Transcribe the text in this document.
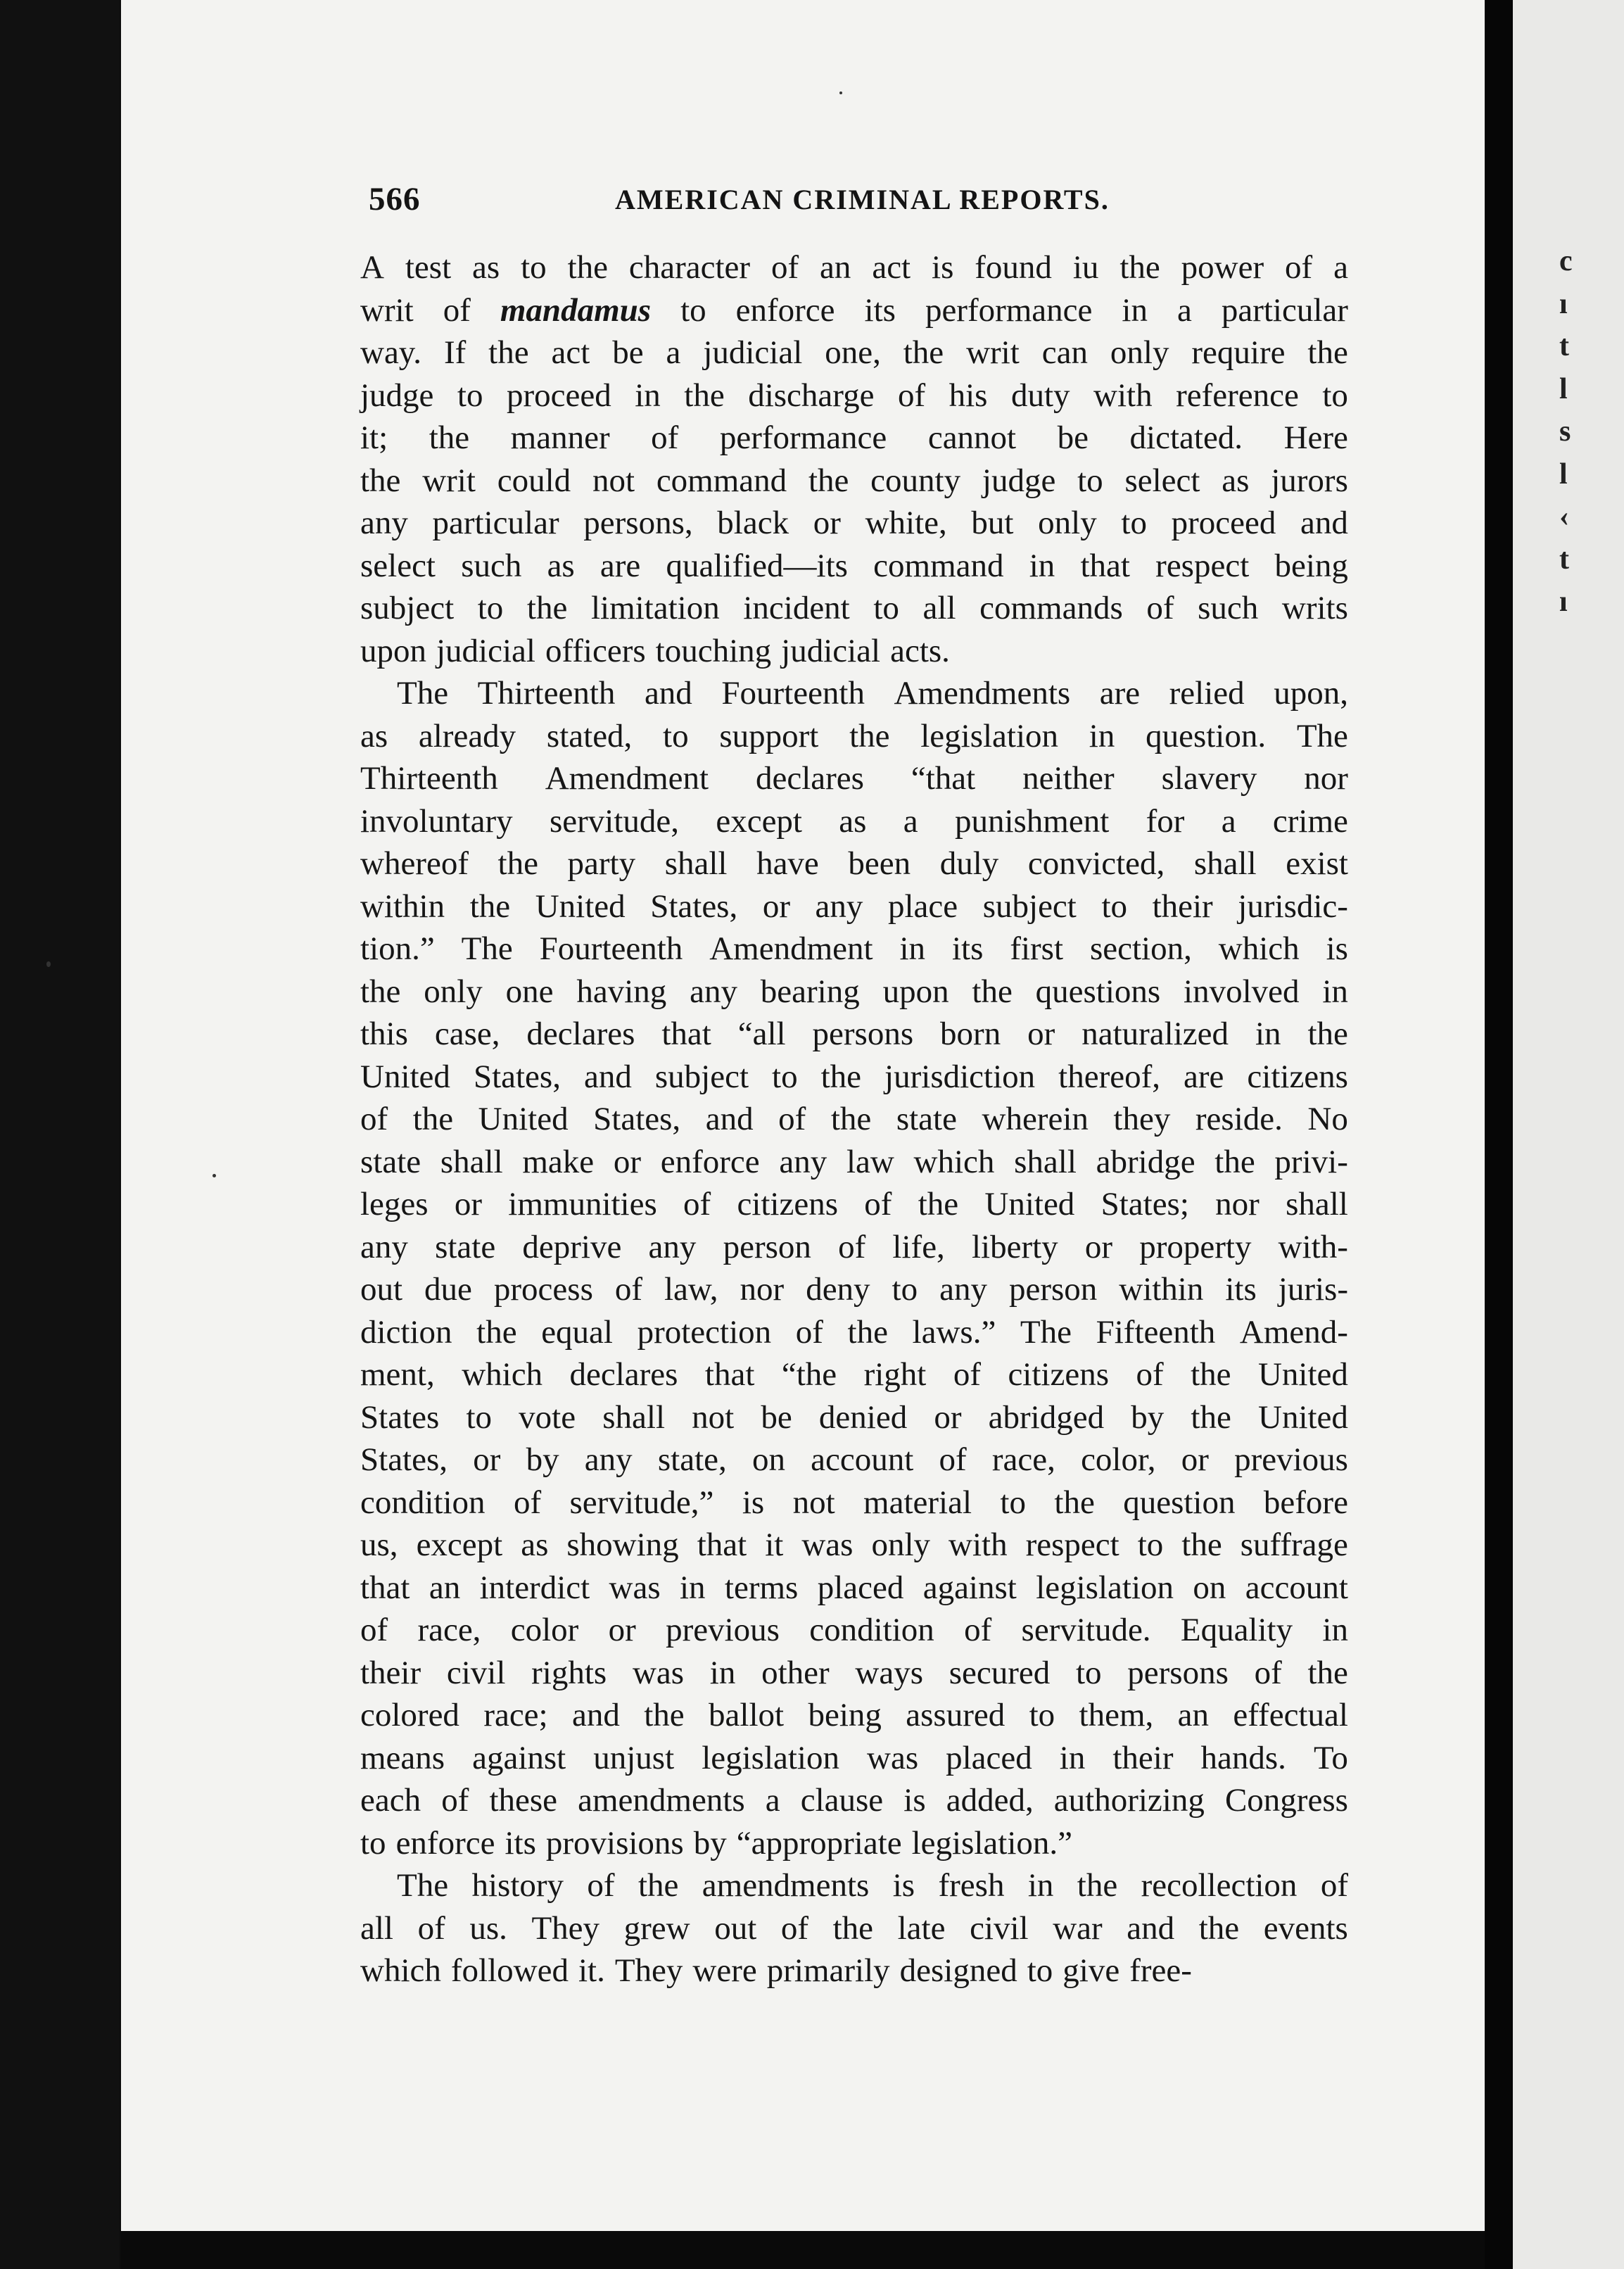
566	AMERICAN CRIMINAL REPORTS.
A test as to the character of an act is found iu the power of a
writ of mandamus to enforce its performance in a particular
way. If the act be a judicial one, the writ can only require the
judge to proceed in the discharge of his duty with reference to
it; the manner of performance cannot be dictated. Here
the writ could not command the county judge to select as jurors
any particular persons, black or white, but only to proceed and
select such as are qualified—its command in that respect being
subject to the limitation incident to all commands of such writs
upon judicial officers touching judicial acts.
The Thirteenth and Fourteenth Amendments are relied upon,
as already stated, to support the legislation in question. The
Thirteenth Amendment declares “that neither slavery nor
involuntary servitude, except as a punishment for a crime
whereof the party shall have been duly convicted, shall exist
within the United States, or any place subject to their jurisdic-
tion.” The Fourteenth Amendment in its first section, which is
the only one having any bearing upon the questions involved in
this case, declares that “all persons born or naturalized in the
United States, and subject to the jurisdiction thereof, are citizens
of the United States, and of the state wherein they reside. No
state shall make or enforce any law which shall abridge the privi-
leges or immunities of citizens of the United States; nor shall
any state deprive any person of life, liberty or property with-
out due process of law, nor deny to any person within its juris-
diction the equal protection of the laws.” The Fifteenth Amend-
ment, which declares that “the right of citizens of the United
States to vote shall not be denied or abridged by the United
States, or by any state, on account of race, color, or previous
condition of servitude,” is not material to the question before
us, except as showing that it was only with respect to the suffrage
that an interdict was in terms placed against legislation on account
of race, color or previous condition of servitude. Equality in
their civil rights was in other ways secured to persons of the
colored race; and the ballot being assured to them, an effectual
means against unjust legislation was placed in their hands. To
each of these amendments a clause is added, authorizing Congress
to enforce its provisions by “appropriate legislation.”
The history of the amendments is fresh in the recollection of
all of us. They grew out of the late civil war and the events
which followed it. They were primarily designed to give free-
c
ı
t
l
s
l
‹
t
ı
